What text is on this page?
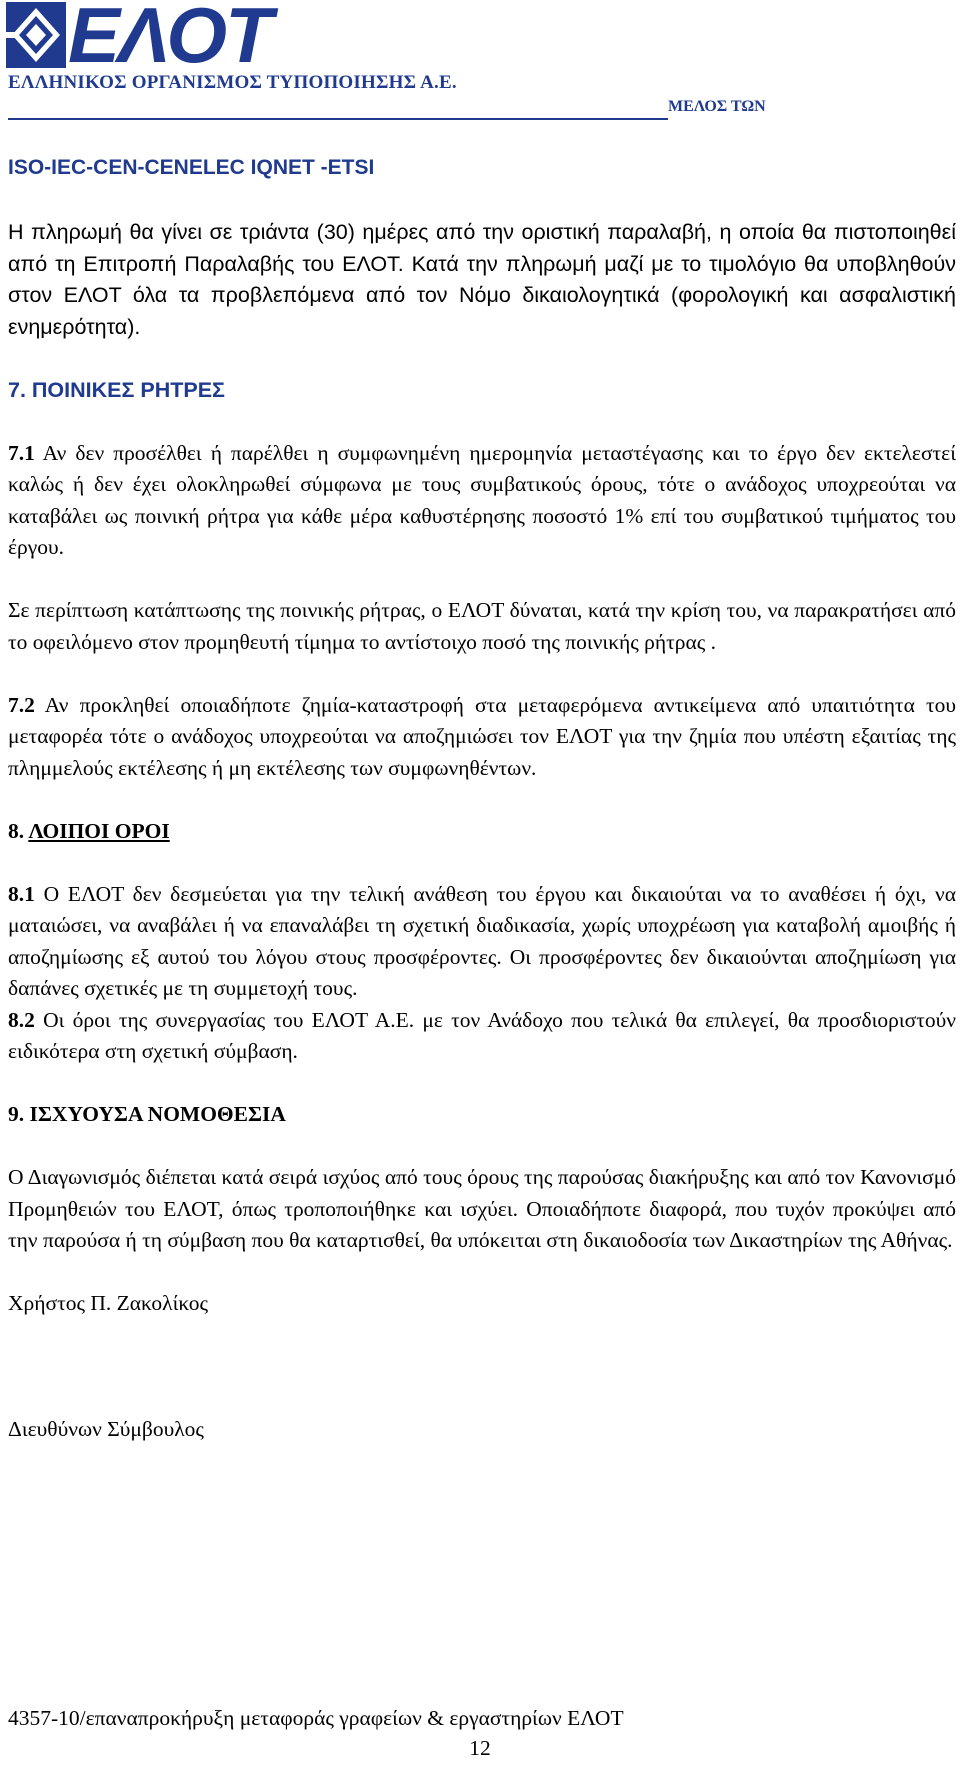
ΕΛΟΤ
ΕΛΛΗΝΙΚΟΣ ΟΡΓΑΝΙΣΜΟΣ ΤΥΠΟΠΟΙΗΣΗΣ Α.Ε.
ΜΕΛΟΣ ΤΩΝ
ISO-IEC-CEN-CENELEC IQNET -ETSI

Η πληρωμή θα γίνει σε τριάντα (30) ημέρες από την οριστική παραλαβή, η οποία θα πιστοποιηθεί από τη Επιτροπή Παραλαβής του ΕΛΟΤ. Κατά την πληρωμή μαζί με το τιμολόγιο θα υποβληθούν στον ΕΛΟΤ όλα τα προβλεπόμενα από τον Νόμο δικαιολογητικά (φορολογική και ασφαλιστική ενημερότητα).

7. ΠΟΙΝΙΚΕΣ ΡΗΤΡΕΣ

7.1 Αν δεν προσέλθει ή παρέλθει η συμφωνημένη ημερομηνία μεταστέγασης και το έργο δεν εκτελεστεί καλώς ή δεν έχει ολοκληρωθεί σύμφωνα με τους συμβατικούς όρους, τότε ο ανάδοχος υποχρεούται να καταβάλει ως ποινική ρήτρα για κάθε μέρα καθυστέρησης ποσοστό 1% επί του συμβατικού τιμήματος του έργου.

Σε περίπτωση κατάπτωσης της ποινικής ρήτρας, ο ΕΛΟΤ δύναται, κατά την κρίση του, να παρακρατήσει από το οφειλόμενο στον προμηθευτή τίμημα το αντίστοιχο ποσό της ποινικής ρήτρας .

7.2 Αν προκληθεί οποιαδήποτε ζημία-καταστροφή στα μεταφερόμενα αντικείμενα από υπαιτιότητα του μεταφορέα τότε ο ανάδοχος υποχρεούται να αποζημιώσει τον ΕΛΟΤ για την ζημία που υπέστη εξαιτίας της πλημμελούς εκτέλεσης ή μη εκτέλεσης των συμφωνηθέντων.

8. ΛΟΙΠΟΙ ΟΡΟΙ

8.1 Ο ΕΛΟΤ δεν δεσμεύεται για την τελική ανάθεση του έργου και δικαιούται να το αναθέσει ή όχι, να ματαιώσει, να αναβάλει ή να επαναλάβει τη σχετική διαδικασία, χωρίς υποχρέωση για καταβολή αμοιβής ή αποζημίωσης εξ αυτού του λόγου στους προσφέροντες. Οι προσφέροντες δεν δικαιούνται αποζημίωση για δαπάνες σχετικές με τη συμμετοχή τους.

8.2 Οι όροι της συνεργασίας του ΕΛΟΤ Α.Ε. με τον Ανάδοχο που τελικά θα επιλεγεί, θα προσδιοριστούν ειδικότερα στη σχετική σύμβαση.

9. ΙΣΧΥΟΥΣΑ ΝΟΜΟΘΕΣΙΑ

Ο Διαγωνισμός διέπεται κατά σειρά ισχύος από τους όρους της παρούσας διακήρυξης και από τον Κανονισμό Προμηθειών του ΕΛΟΤ, όπως τροποποιήθηκε και ισχύει. Οποιαδήποτε διαφορά, που τυχόν προκύψει από την παρούσα ή τη σύμβαση που θα καταρτισθεί, θα υπόκειται στη δικαιοδοσία των Δικαστηρίων της Αθήνας.

Χρήστος Π. Ζακολίκος

Διευθύνων Σύμβουλος

4357-10/επαναπροκήρυξη μεταφοράς γραφείων & εργαστηρίων ΕΛΟΤ
12
